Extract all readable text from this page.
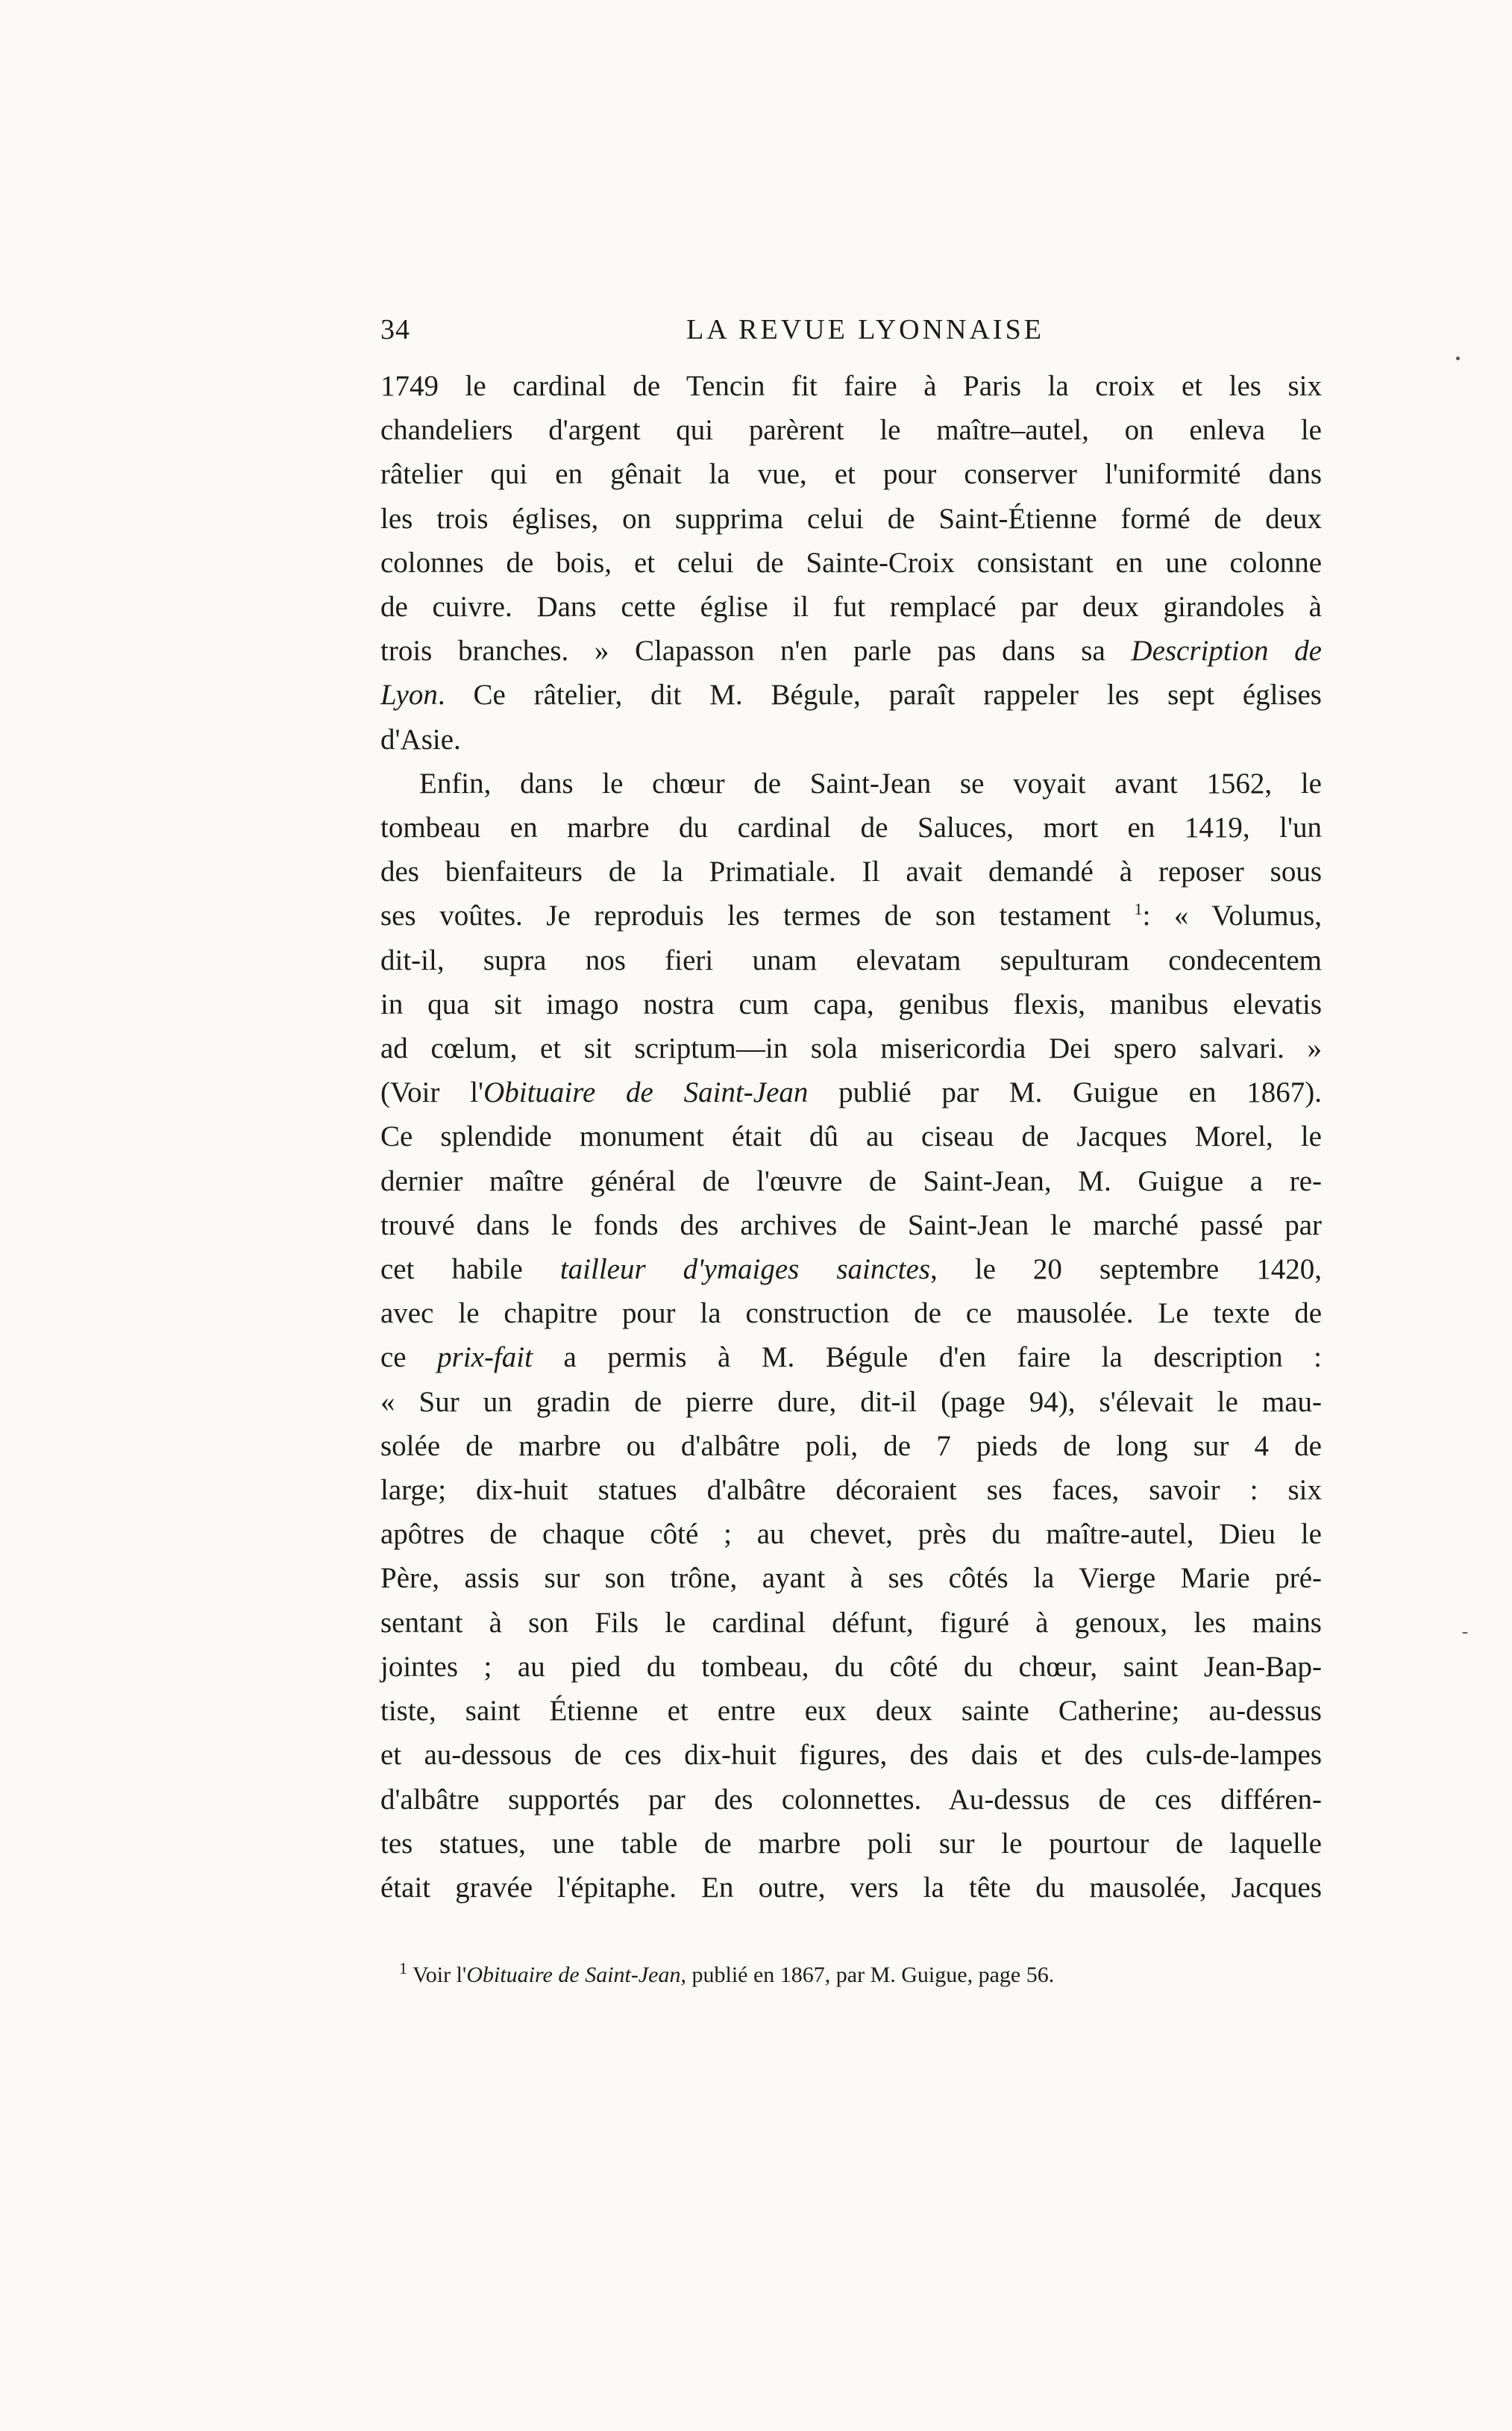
34	LA REVUE LYONNAISE
1749 le cardinal de Tencin fit faire à Paris la croix et les six
chandeliers d'argent qui parèrent le maître–autel, on enleva le
râtelier qui en gênait la vue, et pour conserver l'uniformité dans
les trois églises, on supprima celui de Saint-Étienne formé de deux
colonnes de bois, et celui de Sainte-Croix consistant en une colonne
de cuivre. Dans cette église il fut remplacé par deux girandoles à
trois branches. » Clapasson n'en parle pas dans sa Description de
Lyon. Ce râtelier, dit M. Bégule, paraît rappeler les sept églises
d'Asie.
Enfin, dans le chœur de Saint-Jean se voyait avant 1562, le
tombeau en marbre du cardinal de Saluces, mort en 1419, l'un
des bienfaiteurs de la Primatiale. Il avait demandé à reposer sous
ses voûtes. Je reproduis les termes de son testament $^1$: « Volumus,
dit-il, supra nos fieri unam elevatam sepulturam condecentem
in qua sit imago nostra cum capa, genibus flexis, manibus elevatis
ad cœlum, et sit scriptum—in sola misericordia Dei spero salvari. »
(Voir l'Obituaire de Saint-Jean publié par M. Guigue en 1867).
Ce splendide monument était dû au ciseau de Jacques Morel, le
dernier maître général de l'œuvre de Saint-Jean, M. Guigue a re-
trouvé dans le fonds des archives de Saint-Jean le marché passé par
cet habile tailleur d'ymaiges sainctes, le 20 septembre 1420,
avec le chapitre pour la construction de ce mausolée. Le texte de
ce prix-fait a permis à M. Bégule d'en faire la description :
« Sur un gradin de pierre dure, dit-il (page 94), s'élevait le mau-
solée de marbre ou d'albâtre poli, de 7 pieds de long sur 4 de
large; dix-huit statues d'albâtre décoraient ses faces, savoir : six
apôtres de chaque côté ; au chevet, près du maître-autel, Dieu le
Père, assis sur son trône, ayant à ses côtés la Vierge Marie pré-
sentant à son Fils le cardinal défunt, figuré à genoux, les mains
jointes ; au pied du tombeau, du côté du chœur, saint Jean-Bap-
tiste, saint Étienne et entre eux deux sainte Catherine; au-dessus
et au-dessous de ces dix-huit figures, des dais et des culs-de-lampes
d'albâtre supportés par des colonnettes. Au-dessus de ces différen-
tes statues, une table de marbre poli sur le pourtour de laquelle
était gravée l'épitaphe. En outre, vers la tête du mausolée, Jacques
$^1$ Voir l'Obituaire de Saint-Jean, publié en 1867, par M. Guigue, page 56.
